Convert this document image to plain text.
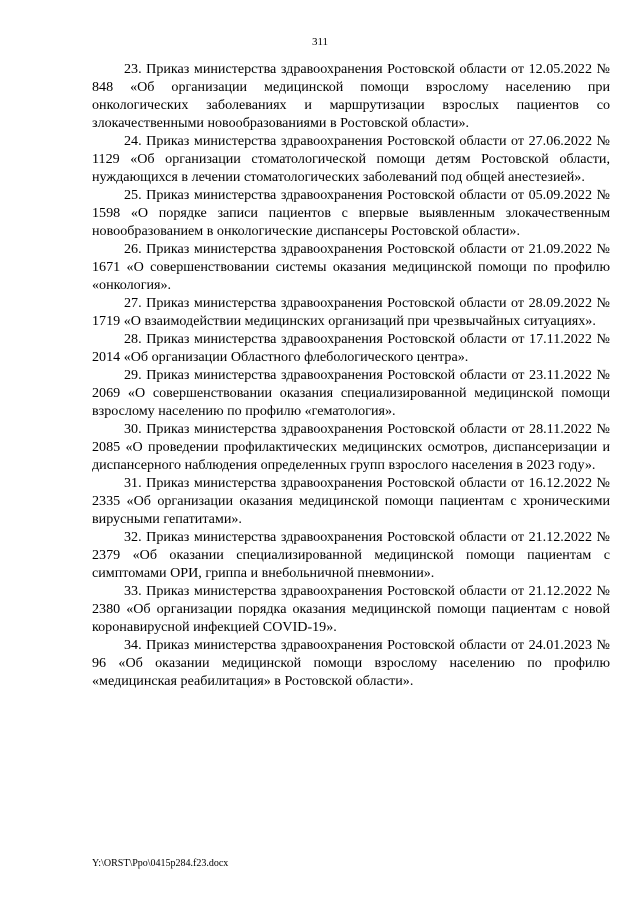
311

23. Приказ министерства здравоохранения Ростовской области от 12.05.2022 № 848 «Об организации медицинской помощи взрослому населению при онкологических заболеваниях и маршрутизации взрослых пациентов со злокачественными новообразованиями в Ростовской области».

24. Приказ министерства здравоохранения Ростовской области от 27.06.2022 № 1129 «Об организации стоматологической помощи детям Ростовской области, нуждающихся в лечении стоматологических заболеваний под общей анестезией».

25. Приказ министерства здравоохранения Ростовской области от 05.09.2022 № 1598 «О порядке записи пациентов с впервые выявленным злокачественным новообразованием в онкологические диспансеры Ростовской области».

26. Приказ министерства здравоохранения Ростовской области от 21.09.2022 № 1671 «О совершенствовании системы оказания медицинской помощи по профилю «онкология».

27. Приказ министерства здравоохранения Ростовской области от 28.09.2022 № 1719 «О взаимодействии медицинских организаций при чрезвычайных ситуациях».

28. Приказ министерства здравоохранения Ростовской области от 17.11.2022 № 2014 «Об организации Областного флебологического центра».

29. Приказ министерства здравоохранения Ростовской области от 23.11.2022 № 2069 «О совершенствовании оказания специализированной медицинской помощи взрослому населению по профилю «гематология».

30. Приказ министерства здравоохранения Ростовской области от 28.11.2022 № 2085 «О проведении профилактических медицинских осмотров, диспансеризации и диспансерного наблюдения определенных групп взрослого населения в 2023 году».

31. Приказ министерства здравоохранения Ростовской области от 16.12.2022 № 2335 «Об организации оказания медицинской помощи пациентам с хроническими вирусными гепатитами».

32. Приказ министерства здравоохранения Ростовской области от 21.12.2022 № 2379 «Об оказании специализированной медицинской помощи пациентам с симптомами ОРИ, гриппа и внебольничной пневмонии».

33. Приказ министерства здравоохранения Ростовской области от 21.12.2022 № 2380 «Об организации порядка оказания медицинской помощи пациентам с новой коронавирусной инфекцией COVID-19».

34. Приказ министерства здравоохранения Ростовской области от 24.01.2023 № 96 «Об оказании медицинской помощи взрослому населению по профилю «медицинская реабилитация» в Ростовской области».

Y:\ORST\Ppo\0415p284.f23.docx
